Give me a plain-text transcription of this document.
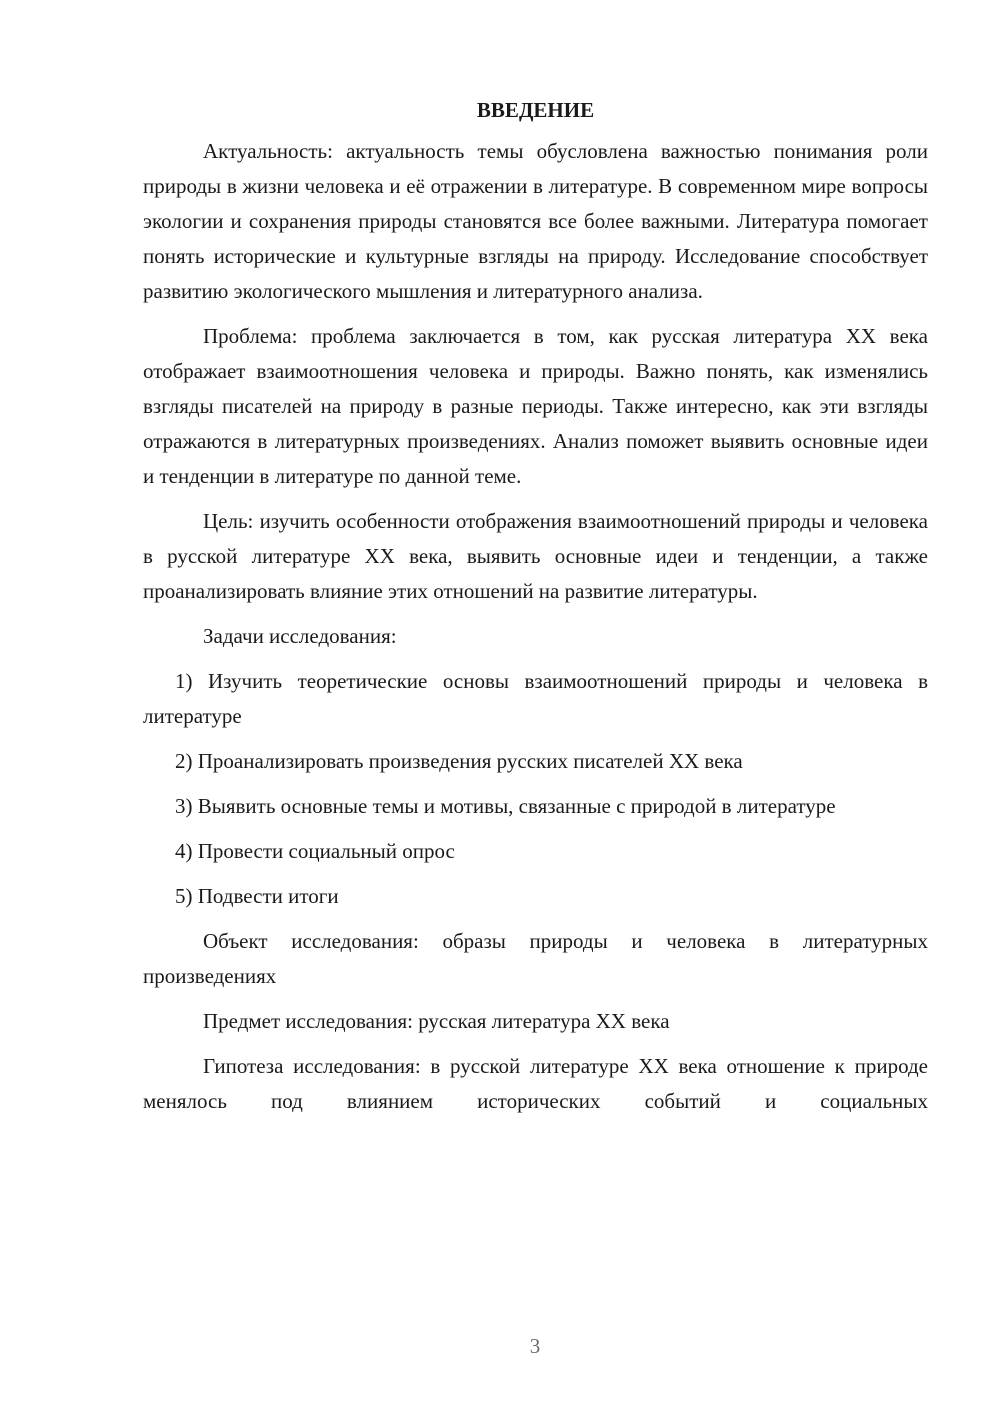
ВВЕДЕНИЕ

Актуальность: актуальность темы обусловлена важностью понимания роли природы в жизни человека и её отражении в литературе. В современном мире вопросы экологии и сохранения природы становятся все более важными. Литература помогает понять исторические и культурные взгляды на природу. Исследование способствует развитию экологического мышления и литературного анализа.

Проблема: проблема заключается в том, как русская литература XX века отображает взаимоотношения человека и природы. Важно понять, как изменялись взгляды писателей на природу в разные периоды. Также интересно, как эти взгляды отражаются в литературных произведениях. Анализ поможет выявить основные идеи и тенденции в литературе по данной теме.

Цель: изучить особенности отображения взаимоотношений природы и человека в русской литературе XX века, выявить основные идеи и тенденции, а также проанализировать влияние этих отношений на развитие литературы.

Задачи исследования:

1) Изучить теоретические основы взаимоотношений природы и человека в литературе

2) Проанализировать произведения русских писателей XX века

3) Выявить основные темы и мотивы, связанные с природой в литературе

4) Провести социальный опрос

5) Подвести итоги

Объект исследования: образы природы и человека в литературных произведениях

Предмет исследования: русская литература XX века

Гипотеза исследования: в русской литературе XX века отношение к природе менялось под влиянием исторических событий и социальных

3
